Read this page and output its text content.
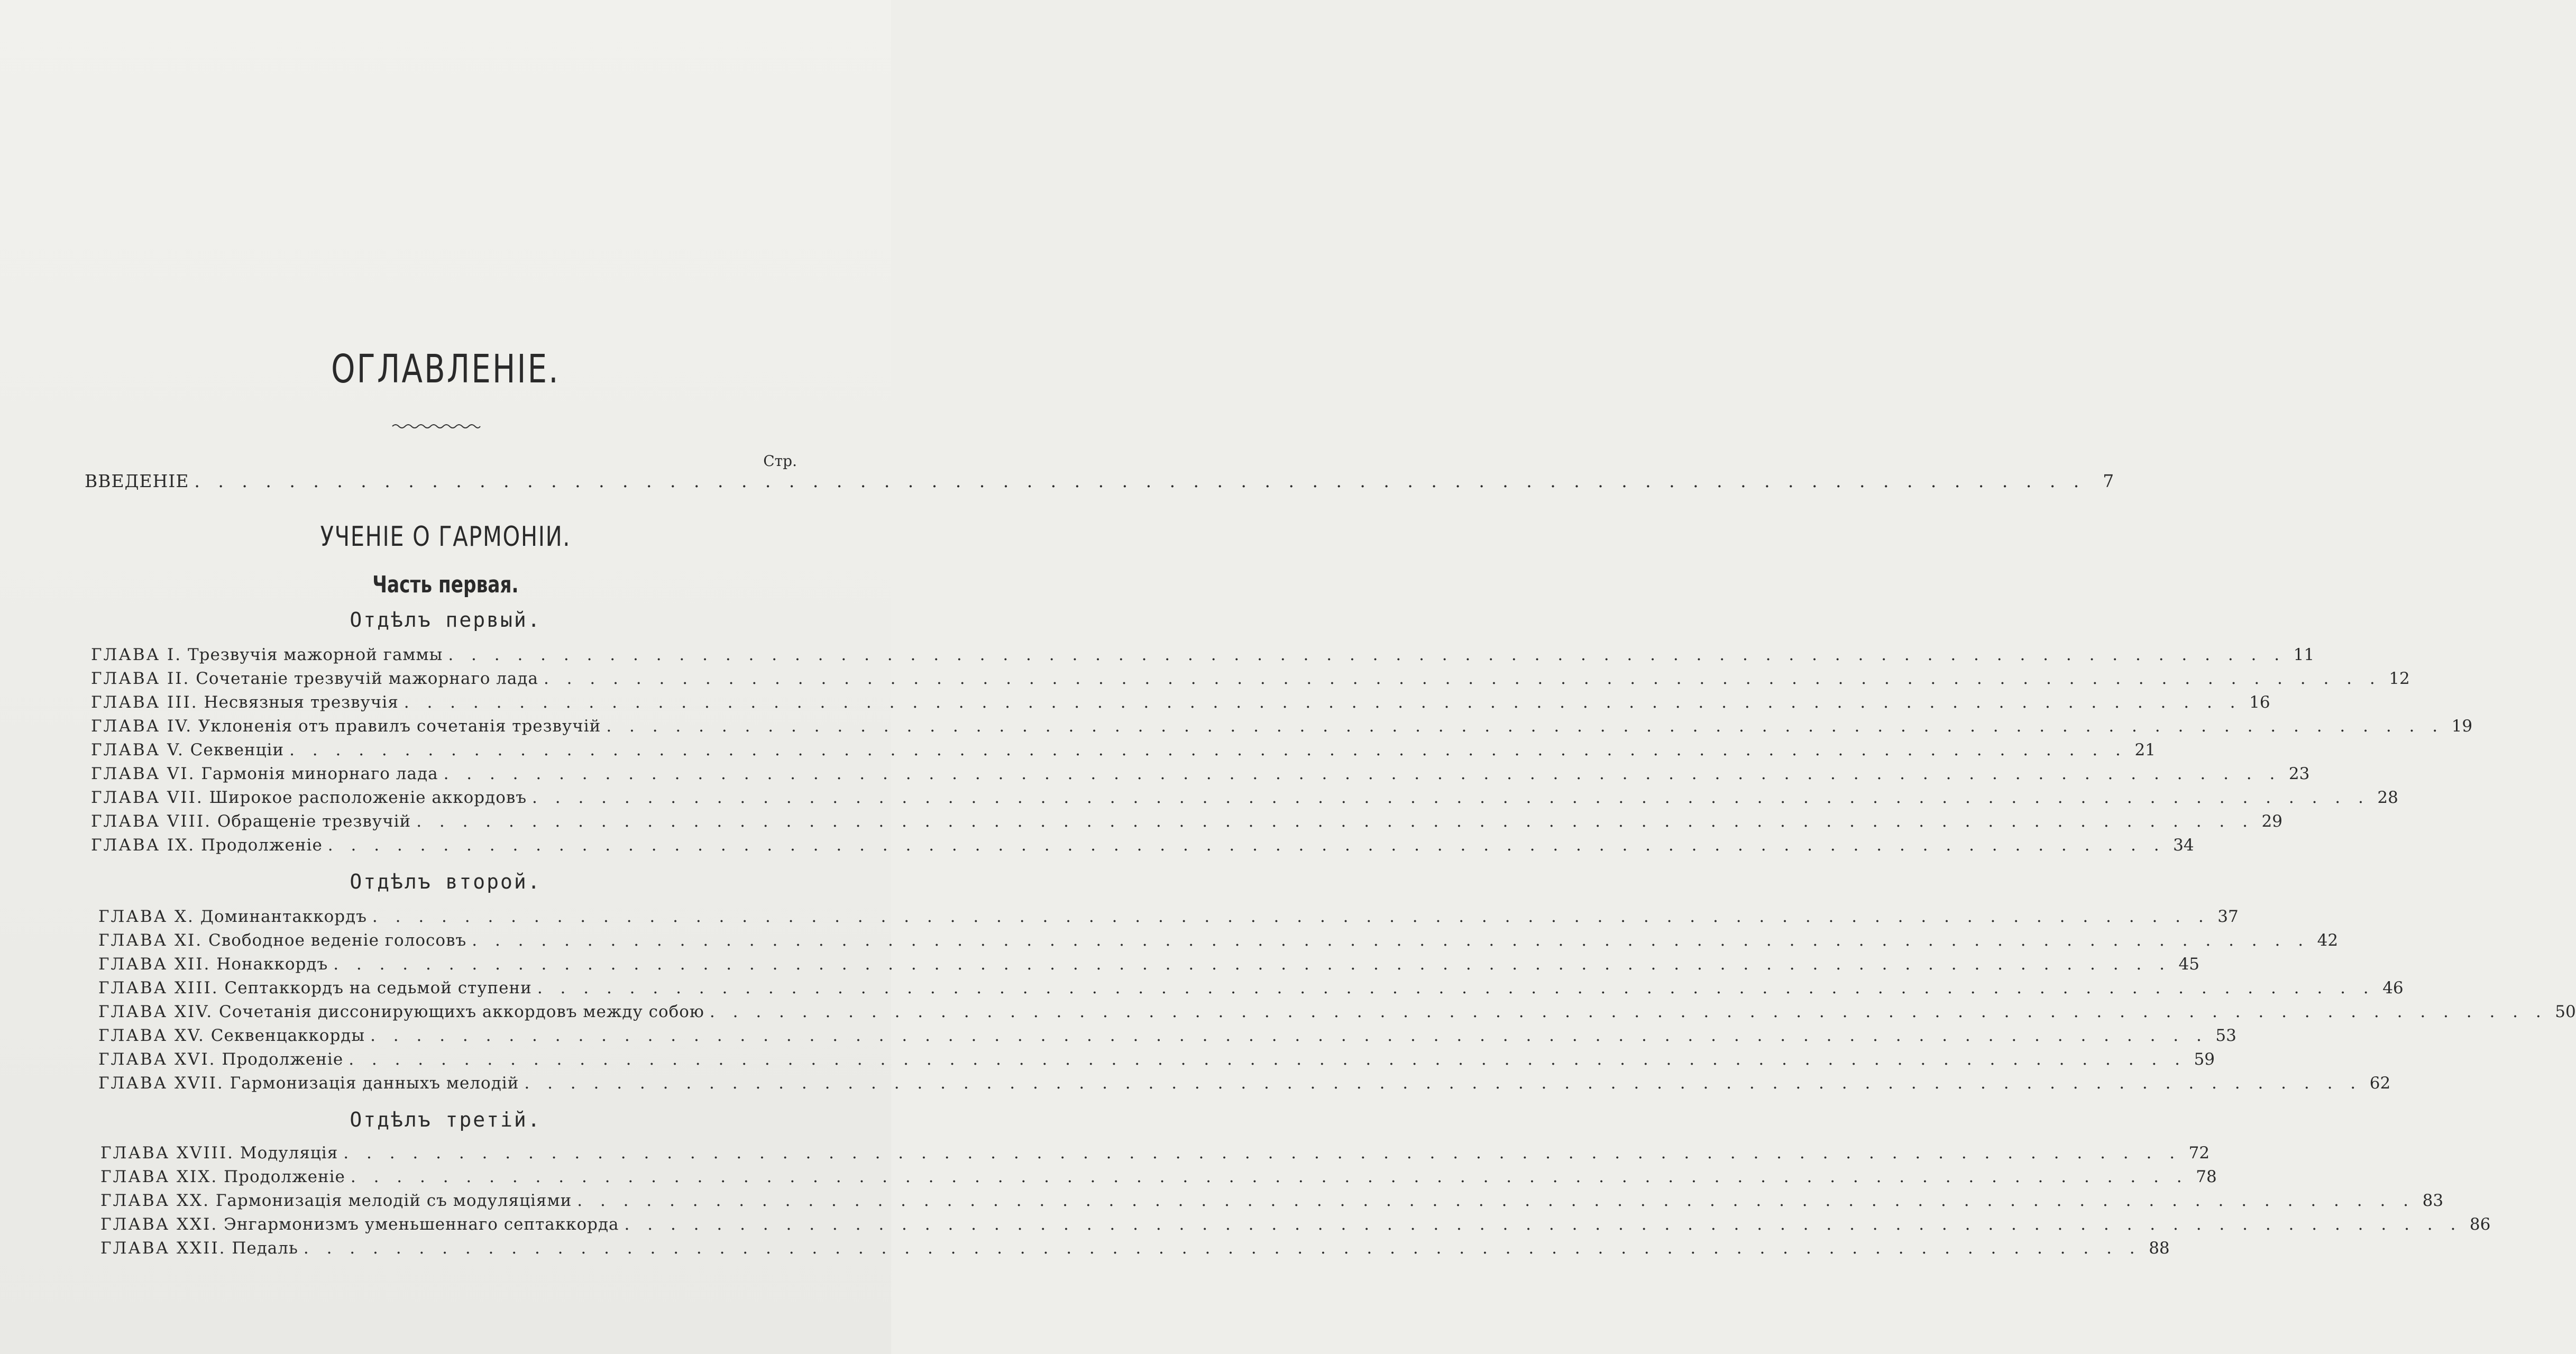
ОГЛАВЛЕНIЕ.
Стр.
ВВЕДЕНIЕ . . . . . . . . . . . . . . . . . . . . . . . . . . . . . . . . . . . . . . . . . . . . . . . . . . . . . . . . . . . . . . . . . . . . . . . . . . . . . . . .	7
УЧЕНIЕ О ГАРМОНIИ.
Часть первая.
Отдѣлъ первый.
ГЛАВА I. Трезвучія мажорной гаммы . . . . . . . . . . . . . . . . . . . . . . . . . . . . . . . . . . . . . . . . . . . . . . . . . . . . . . . . . . . . . . . . . . . . . . . . . . . . . . . . 11
ГЛАВА II. Сочетаніе трезвучій мажорнаго лада . . . . . . . . . . . . . . . . . . . . . . . . . . . . . . . . . . . . . . . . . . . . . . . . . . . . . . . . . . . . . . . . . . . . . . . . . . . . . . . . 12
ГЛАВА III. Несвязныя трезвучія . . . . . . . . . . . . . . . . . . . . . . . . . . . . . . . . . . . . . . . . . . . . . . . . . . . . . . . . . . . . . . . . . . . . . . . . . . . . . . . . 16
ГЛАВА IV. Уклоненія отъ правилъ сочетанія трезвучій . . . . . . . . . . . . . . . . . . . . . . . . . . . . . . . . . . . . . . . . . . . . . . . . . . . . . . . . . . . . . . . . . . . . . . . . . . . . . . . . 19
ГЛАВА V. Секвенціи . . . . . . . . . . . . . . . . . . . . . . . . . . . . . . . . . . . . . . . . . . . . . . . . . . . . . . . . . . . . . . . . . . . . . . . . . . . . . . . . 21
ГЛАВА VI. Гармонія минорнаго лада . . . . . . . . . . . . . . . . . . . . . . . . . . . . . . . . . . . . . . . . . . . . . . . . . . . . . . . . . . . . . . . . . . . . . . . . . . . . . . . . 23
ГЛАВА VII. Широкое расположеніе аккордовъ . . . . . . . . . . . . . . . . . . . . . . . . . . . . . . . . . . . . . . . . . . . . . . . . . . . . . . . . . . . . . . . . . . . . . . . . . . . . . . . . 28
ГЛАВА VIII. Обращеніе трезвучій . . . . . . . . . . . . . . . . . . . . . . . . . . . . . . . . . . . . . . . . . . . . . . . . . . . . . . . . . . . . . . . . . . . . . . . . . . . . . . . . 29
ГЛАВА IX. Продолженіе . . . . . . . . . . . . . . . . . . . . . . . . . . . . . . . . . . . . . . . . . . . . . . . . . . . . . . . . . . . . . . . . . . . . . . . . . . . . . . . . 34
Отдѣлъ второй.
ГЛАВА X. Доминантаккордъ . . . . . . . . . . . . . . . . . . . . . . . . . . . . . . . . . . . . . . . . . . . . . . . . . . . . . . . . . . . . . . . . . . . . . . . . . . . . . . . . 37
ГЛАВА XI. Свободное веденіе голосовъ . . . . . . . . . . . . . . . . . . . . . . . . . . . . . . . . . . . . . . . . . . . . . . . . . . . . . . . . . . . . . . . . . . . . . . . . . . . . . . . . 42
ГЛАВА XII. Нонаккордъ . . . . . . . . . . . . . . . . . . . . . . . . . . . . . . . . . . . . . . . . . . . . . . . . . . . . . . . . . . . . . . . . . . . . . . . . . . . . . . . . 45
ГЛАВА XIII. Септаккордъ на седьмой ступени . . . . . . . . . . . . . . . . . . . . . . . . . . . . . . . . . . . . . . . . . . . . . . . . . . . . . . . . . . . . . . . . . . . . . . . . . . . . . . . . 46
ГЛАВА XIV. Сочетанія диссонирующихъ аккордовъ между собою . . . . . . . . . . . . . . . . . . . . . . . . . . . . . . . . . . . . . . . . . . . . . . . . . . . . . . . . . . . . . . . . . . . . . . . . . . . . . . . . 50
ГЛАВА XV. Секвенцаккорды . . . . . . . . . . . . . . . . . . . . . . . . . . . . . . . . . . . . . . . . . . . . . . . . . . . . . . . . . . . . . . . . . . . . . . . . . . . . . . . . 53
ГЛАВА XVI. Продолженіе . . . . . . . . . . . . . . . . . . . . . . . . . . . . . . . . . . . . . . . . . . . . . . . . . . . . . . . . . . . . . . . . . . . . . . . . . . . . . . . . 59
ГЛАВА XVII. Гармонизація данныхъ мелодій . . . . . . . . . . . . . . . . . . . . . . . . . . . . . . . . . . . . . . . . . . . . . . . . . . . . . . . . . . . . . . . . . . . . . . . . . . . . . . . . 62
Отдѣлъ третій.
ГЛАВА XVIII. Модуляція . . . . . . . . . . . . . . . . . . . . . . . . . . . . . . . . . . . . . . . . . . . . . . . . . . . . . . . . . . . . . . . . . . . . . . . . . . . . . . . . 72
ГЛАВА XIX. Продолженіе . . . . . . . . . . . . . . . . . . . . . . . . . . . . . . . . . . . . . . . . . . . . . . . . . . . . . . . . . . . . . . . . . . . . . . . . . . . . . . . . 78
ГЛАВА XX. Гармонизація мелодій съ модуляціями . . . . . . . . . . . . . . . . . . . . . . . . . . . . . . . . . . . . . . . . . . . . . . . . . . . . . . . . . . . . . . . . . . . . . . . . . . . . . . . . 83
ГЛАВА XXI. Энгармонизмъ уменьшеннаго септаккорда . . . . . . . . . . . . . . . . . . . . . . . . . . . . . . . . . . . . . . . . . . . . . . . . . . . . . . . . . . . . . . . . . . . . . . . . . . . . . . . . 86
ГЛАВА XXII. Педаль . . . . . . . . . . . . . . . . . . . . . . . . . . . . . . . . . . . . . . . . . . . . . . . . . . . . . . . . . . . . . . . . . . . . . . . . . . . . . . . . 88
